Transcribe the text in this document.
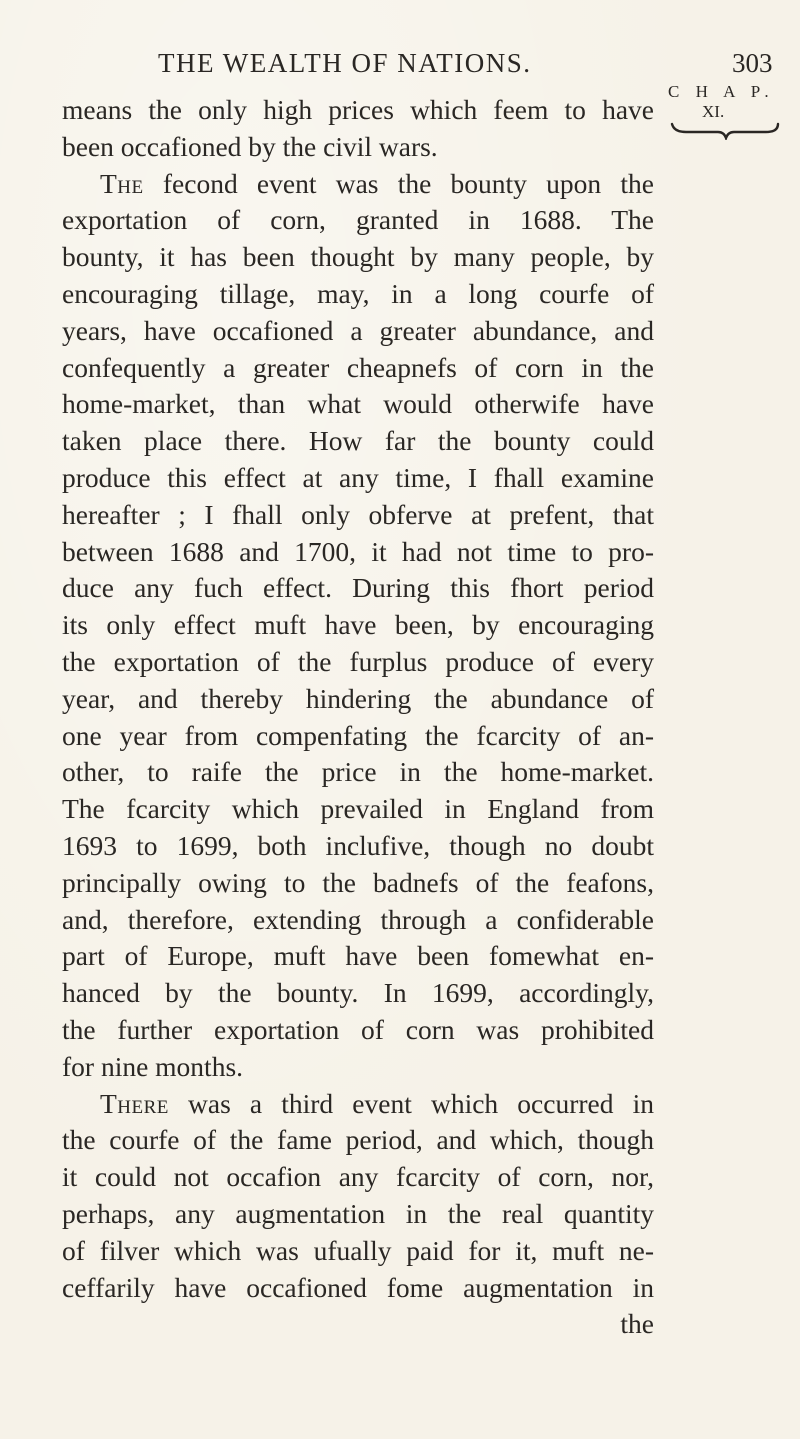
THE WEALTH OF NATIONS.	303
C H A P.
XI.
means the only high prices which feem to have
been occafioned by the civil wars.
The fecond event was the bounty upon the
exportation of corn, granted in 1688. The
bounty, it has been thought by many people, by
encouraging tillage, may, in a long courfe of
years, have occafioned a greater abundance, and
confequently a greater cheapnefs of corn in the
home-market, than what would otherwife have
taken place there. How far the bounty could
produce this effect at any time, I fhall examine
hereafter ; I fhall only obferve at prefent, that
between 1688 and 1700, it had not time to pro-
duce any fuch effect. During this fhort period
its only effect muft have been, by encouraging
the exportation of the furplus produce of every
year, and thereby hindering the abundance of
one year from compenfating the fcarcity of an-
other, to raife the price in the home-market.
The fcarcity which prevailed in England from
1693 to 1699, both inclufive, though no doubt
principally owing to the badnefs of the feafons,
and, therefore, extending through a confiderable
part of Europe, muft have been fomewhat en-
hanced by the bounty. In 1699, accordingly,
the further exportation of corn was prohibited
for nine months.
There was a third event which occurred in
the courfe of the fame period, and which, though
it could not occafion any fcarcity of corn, nor,
perhaps, any augmentation in the real quantity
of filver which was ufually paid for it, muft ne-
ceffarily have occafioned fome augmentation in
the
